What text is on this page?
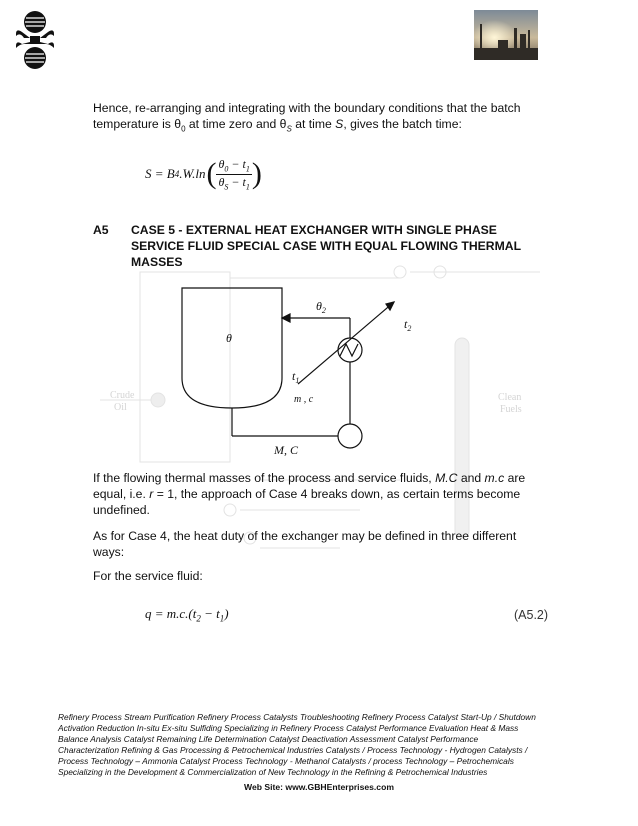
Hence, re-arranging and integrating with the boundary conditions that the batch
temperature is $\theta_0$ at time zero and $\theta_S$ at time S, gives the batch time:
S = B 4 .W.ln ( $\theta_0 - t_1$
$\theta_S - t_1$ )
A5 CASE 5 - EXTERNAL HEAT EXCHANGER WITH SINGLE PHASE
SERVICE FLUID SPECIAL CASE WITH EQUAL FLOWING THERMAL
MASSES
Crude
Oil
Clean
Fuels
θ
$\theta_2$
$t_1$
$t_2$
m , c
M, C
If the flowing thermal masses of the process and service fluids, M.C and m.c are
equal, i.e. r = 1, the approach of Case 4 breaks down, as certain terms become
undefined.
As for Case 4, the heat duty of the exchanger may be defined in three different
ways:
For the service fluid:
$q = m.c.(t_2 - t_1)$	(A5.2)
Refinery Process Stream Purification Refinery Process Catalysts Troubleshooting Refinery Process Catalyst Start-Up / Shutdown
Activation Reduction In-situ Ex-situ Sulfiding Specializing in Refinery Process Catalyst Performance Evaluation Heat & Mass
Balance Analysis Catalyst Remaining Life Determination Catalyst Deactivation Assessment Catalyst Performance
Characterization Refining & Gas Processing & Petrochemical Industries Catalysts / Process Technology - Hydrogen Catalysts /
Process Technology – Ammonia Catalyst Process Technology - Methanol Catalysts / process Technology – Petrochemicals
Specializing in the Development & Commercialization of New Technology in the Refining & Petrochemical Industries
Web Site: www.GBHEnterprises.com
